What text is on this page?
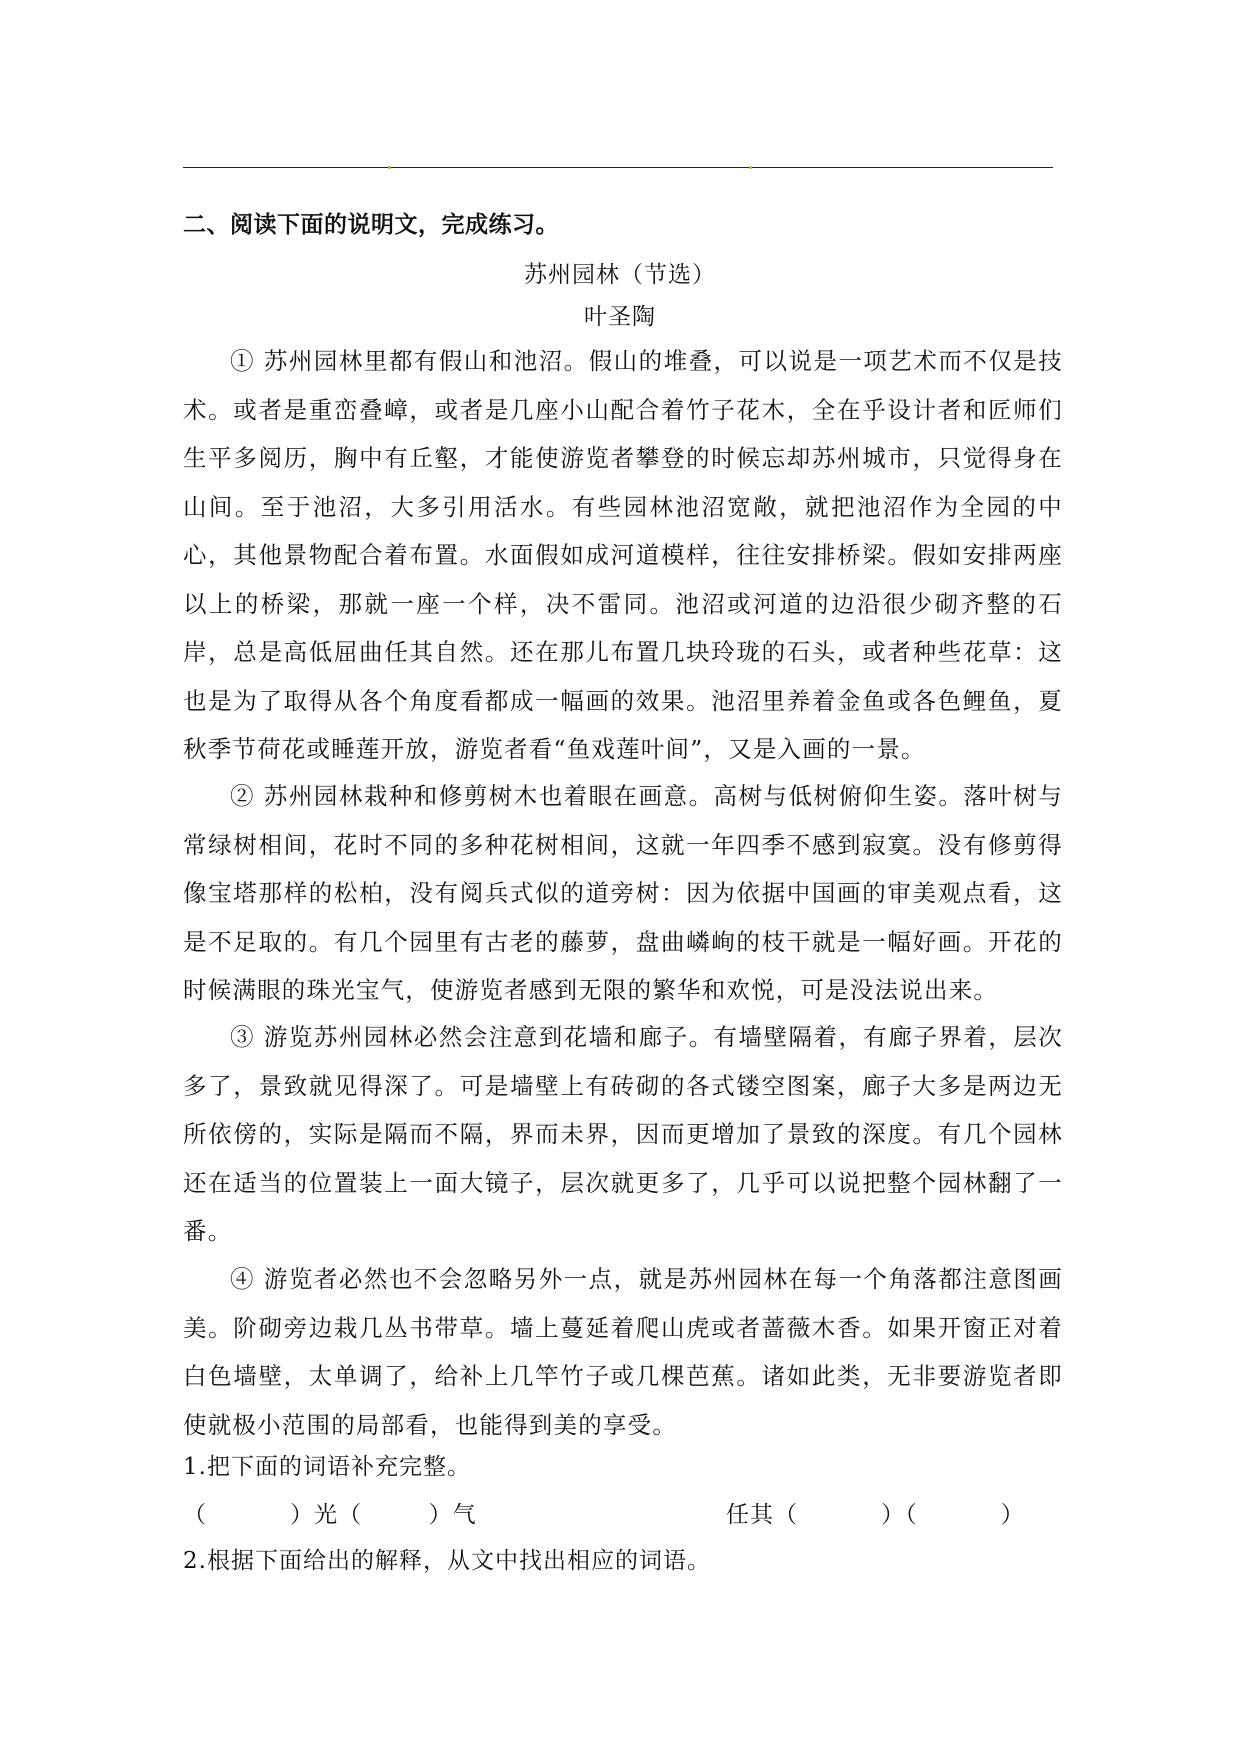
二、阅读下面的说明文，完成练习。
苏州园林（节选）
叶圣陶

① 苏州园林里都有假山和池沼。假山的堆叠，可以说是一项艺术而不仅是技术。或者是重峦叠嶂，或者是几座小山配合着竹子花木，全在乎设计者和匠师们生平多阅历，胸中有丘壑，才能使游览者攀登的时候忘却苏州城市，只觉得身在山间。至于池沼，大多引用活水。有些园林池沼宽敞，就把池沼作为全园的中心，其他景物配合着布置。水面假如成河道模样，往往安排桥梁。假如安排两座以上的桥梁，那就一座一个样，决不雷同。池沼或河道的边沿很少砌齐整的石岸，总是高低屈曲任其自然。还在那儿布置几块玲珑的石头，或者种些花草：这也是为了取得从各个角度看都成一幅画的效果。池沼里养着金鱼或各色鲤鱼，夏秋季节荷花或睡莲开放，游览者看“鱼戏莲叶间”，又是入画的一景。

② 苏州园林栽种和修剪树木也着眼在画意。高树与低树俯仰生姿。落叶树与常绿树相间，花时不同的多种花树相间，这就一年四季不感到寂寞。没有修剪得像宝塔那样的松柏，没有阅兵式似的道旁树：因为依据中国画的审美观点看，这是不足取的。有几个园里有古老的藤萝，盘曲嶙峋的枝干就是一幅好画。开花的时候满眼的珠光宝气，使游览者感到无限的繁华和欢悦，可是没法说出来。

③ 游览苏州园林必然会注意到花墙和廊子。有墙壁隔着，有廊子界着，层次多了，景致就见得深了。可是墙壁上有砖砌的各式镂空图案，廊子大多是两边无所依傍的，实际是隔而不隔，界而未界，因而更增加了景致的深度。有几个园林还在适当的位置装上一面大镜子，层次就更多了，几乎可以说把整个园林翻了一番。

④ 游览者必然也不会忽略另外一点，就是苏州园林在每一个角落都注意图画美。阶砌旁边栽几丛书带草。墙上蔓延着爬山虎或者蔷薇木香。如果开窗正对着白色墙壁，太单调了，给补上几竿竹子或几棵芭蕉。诸如此类，无非要游览者即使就极小范围的局部看，也能得到美的享受。

1.把下面的词语补充完整。
（          ）光（        ）气	任其（          ）（          ）
2.根据下面给出的解释，从文中找出相应的词语。
